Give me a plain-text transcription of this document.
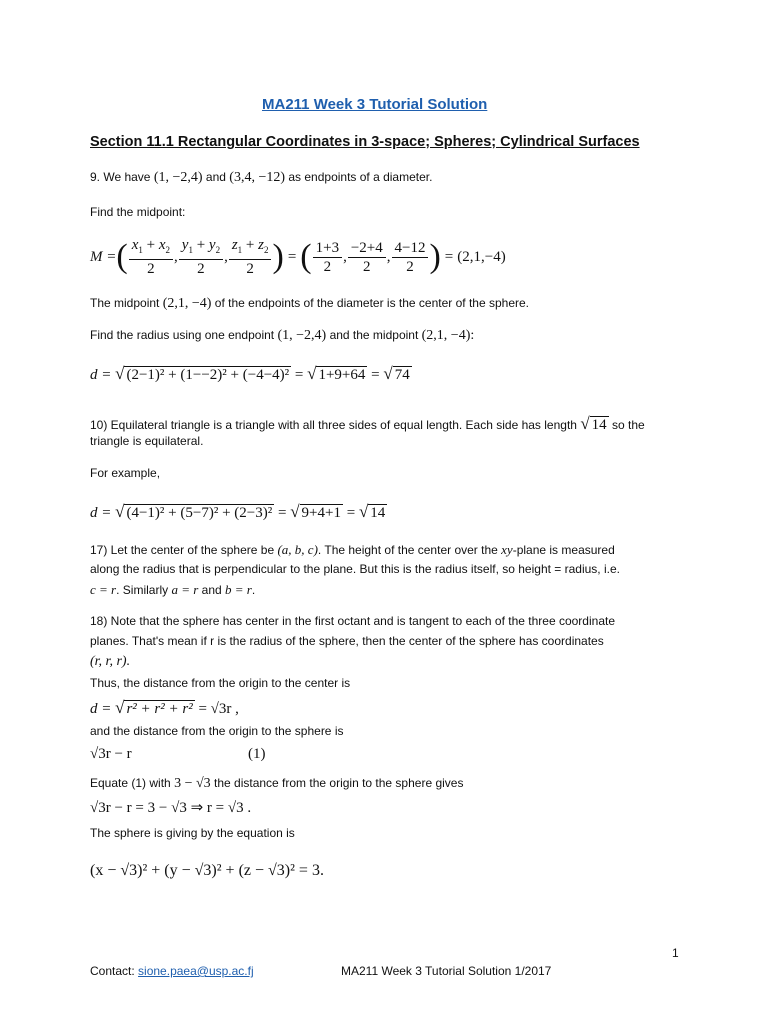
MA211 Week 3 Tutorial Solution
Section 11.1 Rectangular Coordinates in 3-space; Spheres; Cylindrical Surfaces
9. We have (1, −2,4) and (3,4, −12) as endpoints of a diameter.
Find the midpoint:
M = ( $\frac{x_1 + x_2}{2}$ , $\frac{y_1 + y_2}{2}$ , $\frac{z_1 + z_2}{2}$ ) = ( $\frac{1+3}{2}$ , $\frac{-2+4}{2}$ , $\frac{4-12}{2}$ ) = (2,1,−4)
The midpoint (2,1, −4) of the endpoints of the diameter is the center of the sphere.
Find the radius using one endpoint (1, −2,4) and the midpoint (2,1, −4):
d = √ (2−1)² + (1−−2)² + (−4−4)² = √ 1+9+64 = √ 74
10) Equilateral triangle is a triangle with all three sides of equal length. Each side has length √ 14 so the
triangle is equilateral.
For example,
d = √ (4−1)² + (5−7)² + (2−3)² = √ 9+4+1 = √ 14
17) Let the center of the sphere be (a, b, c). The height of the center over the xy-plane is measured
along the radius that is perpendicular to the plane. But this is the radius itself, so height = radius, i.e.
c = r. Similarly a = r and b = r.
18) Note that the sphere has center in the first octant and is tangent to each of the three coordinate
planes. That's mean if r is the radius of the sphere, then the center of the sphere has coordinates
(r, r, r).
Thus, the distance from the origin to the center is
d = √ r² + r² + r² = √3r ,
and the distance from the origin to the sphere is
√3r − r	(1)
Equate (1) with 3 − √3 the distance from the origin to the sphere gives
√3r − r = 3 − √3 ⇒ r = √3 .
The sphere is giving by the equation is
(x − √3)² + (y − √3)² + (z − √3)² = 3.
1
Contact: sione.paea@usp.ac.fj	MA211 Week 3 Tutorial Solution 1/2017
